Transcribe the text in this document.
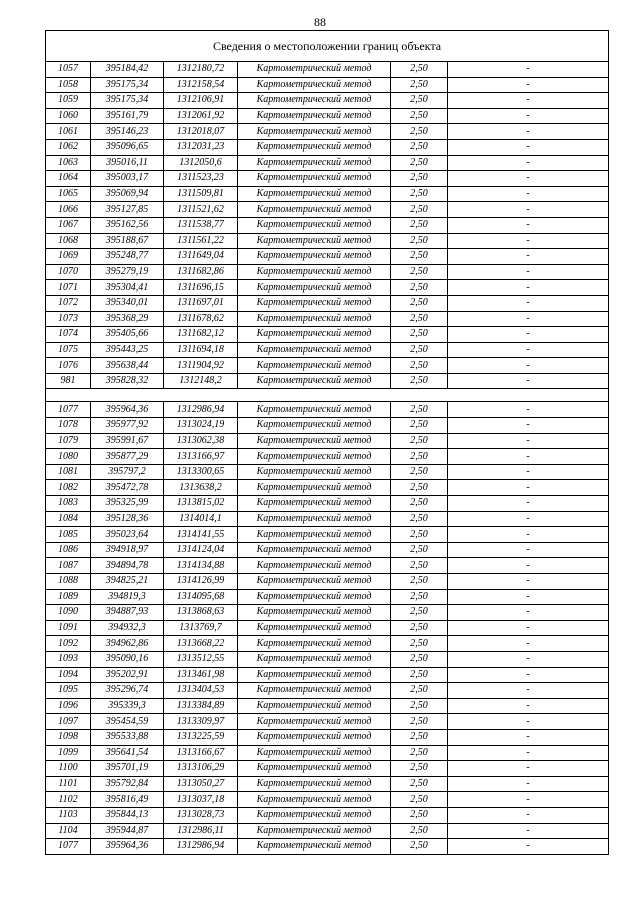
88
Сведения о местоположении границ объекта					
1057	395184,42	1312180,72	Картометрический метод	2,50	-
1058	395175,34	1312158,54	Картометрический метод	2,50	-
1059	395175,34	1312106,91	Картометрический метод	2,50	-
1060	395161,79	1312061,92	Картометрический метод	2,50	-
1061	395146,23	1312018,07	Картометрический метод	2,50	-
1062	395096,65	1312031,23	Картометрический метод	2,50	-
1063	395016,11	1312050,6	Картометрический метод	2,50	-
1064	395003,17	1311523,23	Картометрический метод	2,50	-
1065	395069,94	1311509,81	Картометрический метод	2,50	-
1066	395127,85	1311521,62	Картометрический метод	2,50	-
1067	395162,56	1311538,77	Картометрический метод	2,50	-
1068	395188,67	1311561,22	Картометрический метод	2,50	-
1069	395248,77	1311649,04	Картометрический метод	2,50	-
1070	395279,19	1311682,86	Картометрический метод	2,50	-
1071	395304,41	1311696,15	Картометрический метод	2,50	-
1072	395340,01	1311697,01	Картометрический метод	2,50	-
1073	395368,29	1311678,62	Картометрический метод	2,50	-
1074	395405,66	1311682,12	Картометрический метод	2,50	-
1075	395443,25	1311694,18	Картометрический метод	2,50	-
1076	395638,44	1311904,92	Картометрический метод	2,50	-
981	395828,32	1312148,2	Картометрический метод	2,50	-

1077	395964,36	1312986,94	Картометрический метод	2,50	-
1078	395977,92	1313024,19	Картометрический метод	2,50	-
1079	395991,67	1313062,38	Картометрический метод	2,50	-
1080	395877,29	1313166,97	Картометрический метод	2,50	-
1081	395797,2	1313300,65	Картометрический метод	2,50	-
1082	395472,78	1313638,2	Картометрический метод	2,50	-
1083	395325,99	1313815,02	Картометрический метод	2,50	-
1084	395128,36	1314014,1	Картометрический метод	2,50	-
1085	395023,64	1314141,55	Картометрический метод	2,50	-
1086	394918,97	1314124,04	Картометрический метод	2,50	-
1087	394894,78	1314134,88	Картометрический метод	2,50	-
1088	394825,21	1314126,99	Картометрический метод	2,50	-
1089	394819,3	1314095,68	Картометрический метод	2,50	-
1090	394887,93	1313868,63	Картометрический метод	2,50	-
1091	394932,3	1313769,7	Картометрический метод	2,50	-
1092	394962,86	1313668,22	Картометрический метод	2,50	-
1093	395090,16	1313512,55	Картометрический метод	2,50	-
1094	395202,91	1313461,98	Картометрический метод	2,50	-
1095	395296,74	1313404,53	Картометрический метод	2,50	-
1096	395339,3	1313384,89	Картометрический метод	2,50	-
1097	395454,59	1313309,97	Картометрический метод	2,50	-
1098	395533,88	1313225,59	Картометрический метод	2,50	-
1099	395641,54	1313166,67	Картометрический метод	2,50	-
1100	395701,19	1313106,29	Картометрический метод	2,50	-
1101	395792,84	1313050,27	Картометрический метод	2,50	-
1102	395816,49	1313037,18	Картометрический метод	2,50	-
1103	395844,13	1313028,73	Картометрический метод	2,50	-
1104	395944,87	1312986,11	Картометрический метод	2,50	-
1077	395964,36	1312986,94	Картометрический метод	2,50	-
